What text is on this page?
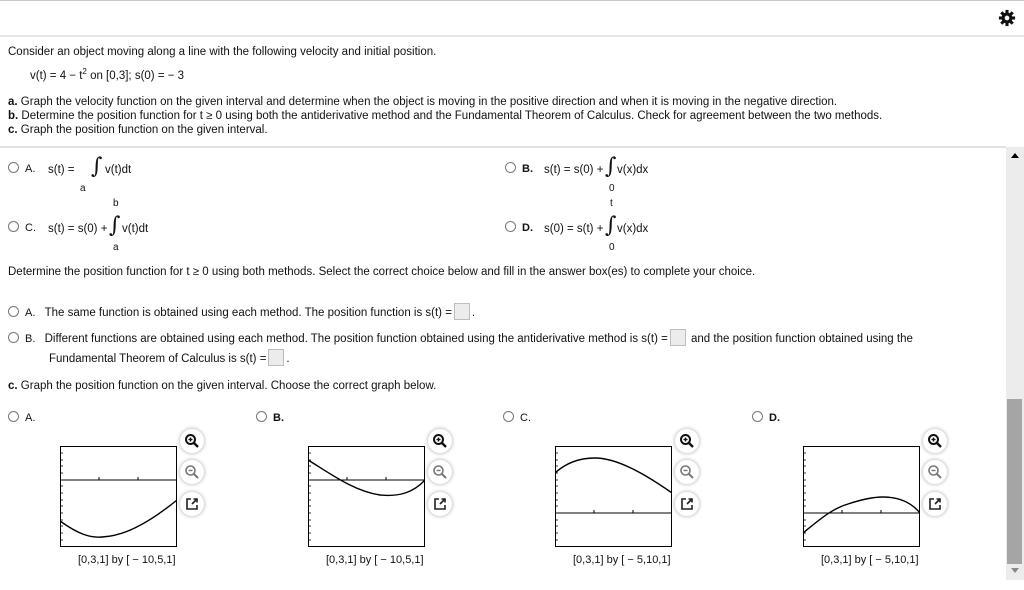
Consider an object moving along a line with the following velocity and initial position.
$v(t) = 4 - t^2$ on [0,3]; s(0) = − 3
a. Graph the velocity function on the given interval and determine when the object is moving in the positive direction and when it is moving in the negative direction.
b. Determine the position function for t ≥ 0 using both the antiderivative method and the Fundamental Theorem of Calculus. Check for agreement between the two methods.
c. Graph the position function on the given interval.
A. s(t) = ∫
a
v(t)dt	B. s(t) = s(0) + ∫
0
v(x)dx
b
C. s(t) = s(0) + ∫
a
v(t)dt
t
D. s(0) = s(t) + ∫
0
v(x)dx
Determine the position function for t ≥ 0 using both methods. Select the correct choice below and fill in the answer box(es) to complete your choice.
A. The same function is obtained using each method. The position function is s(t) = .
B. Different functions are obtained using each method. The position function obtained using the antiderivative method is s(t) = and the position function obtained using the
Fundamental Theorem of Calculus is s(t) = .
c. Graph the position function on the given interval. Choose the correct graph below.
A.
[0,3,1] by [ − 10,5,1]
B.
[0,3,1] by [ − 10,5,1]
C.
[0,3,1] by [ − 5,10,1]
D.
[0,3,1] by [ − 5,10,1]
